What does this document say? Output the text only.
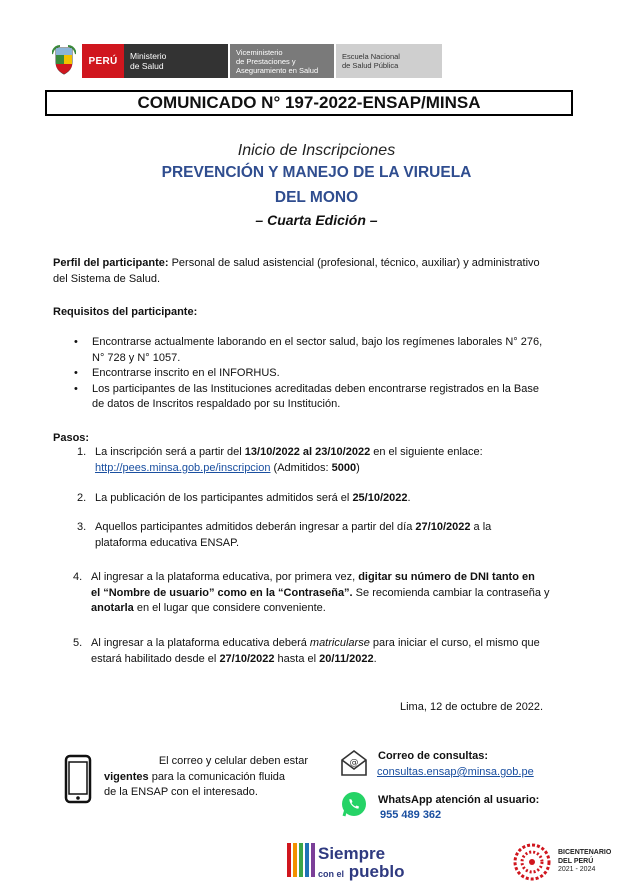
PERÚ Ministerio
de Salud
Viceministerio
de Prestaciones y
Aseguramiento en Salud
Escuela Nacional
de Salud Pública
COMUNICADO N° 197-2022-ENSAP/MINSA
Inicio de Inscripciones
PREVENCIÓN Y MANEJO DE LA VIRUELA
DEL MONO
– Cuarta Edición –
Perfil del participante: Personal de salud asistencial (profesional, técnico, auxiliar) y administrativo
del Sistema de Salud.
Requisitos del participante:
• Encontrarse actualmente laborando en el sector salud, bajo los regímenes laborales N° 276,
N° 728 y N° 1057.
• Encontrarse inscrito en el INFORHUS.
• Los participantes de las Instituciones acreditadas deben encontrarse registrados en la Base
de datos de Inscritos respaldado por su Institución.
Pasos:
1. La inscripción será a partir del 13/10/2022 al 23/10/2022 en el siguiente enlace:
http://pees.minsa.gob.pe/inscripcion (Admitidos: 5000)
2. La publicación de los participantes admitidos será el 25/10/2022.
3. Aquellos participantes admitidos deberán ingresar a partir del día 27/10/2022 a la
plataforma educativa ENSAP.
4. Al ingresar a la plataforma educativa, por primera vez, digitar su número de DNI tanto en
el “Nombre de usuario” como en la “Contraseña”. Se recomienda cambiar la contraseña y
anotarla en el lugar que considere conveniente.
5. Al ingresar a la plataforma educativa deberá matricularse para iniciar el curso, el mismo que
estará habilitado desde el 27/10/2022 hasta el 20/11/2022.
Lima, 12 de octubre de 2022.
El correo y celular deben estar
vigentes para la comunicación fluida
de la ENSAP con el interesado.
@
Correo de consultas:
consultas.ensap@minsa.gob.pe
WhatsApp atención al usuario:
955 489 362
Siempre
con el pueblo
BICENTENARIO
DEL PERÚ
2021 - 2024
